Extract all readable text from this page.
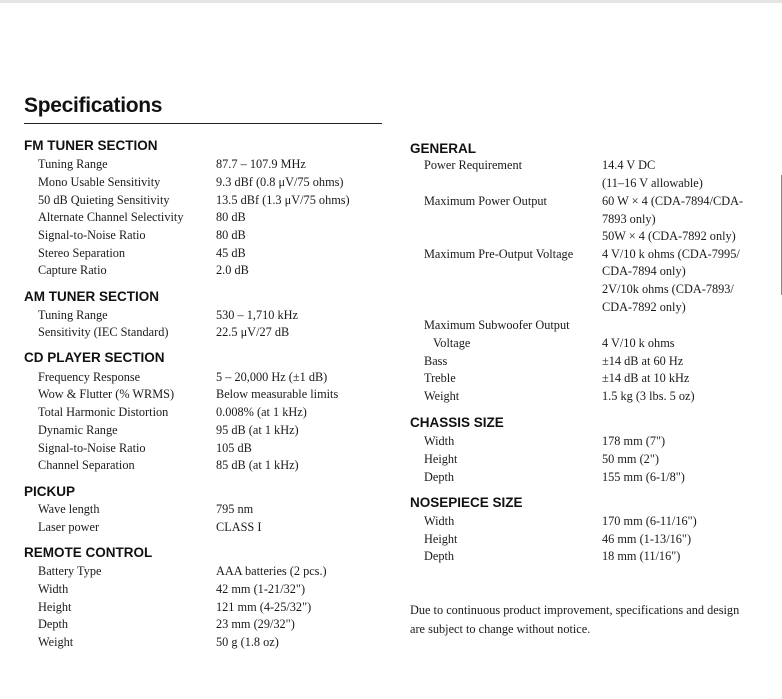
Specifications
FM TUNER SECTION
Tuning Range	87.7 – 107.9 MHz
Mono Usable Sensitivity	9.3 dBf (0.8 μV/75 ohms)
50 dB Quieting Sensitivity	13.5 dBf (1.3 μV/75 ohms)
Alternate Channel Selectivity	80 dB
Signal-to-Noise Ratio	80 dB
Stereo Separation	45 dB
Capture Ratio	2.0 dB
AM TUNER SECTION
Tuning Range	530 – 1,710 kHz
Sensitivity (IEC Standard)	22.5 μV/27 dB
CD PLAYER SECTION
Frequency Response	5 – 20,000 Hz (±1 dB)
Wow & Flutter (% WRMS)	Below measurable limits
Total Harmonic Distortion	0.008% (at 1 kHz)
Dynamic Range	95 dB (at 1 kHz)
Signal-to-Noise Ratio	105 dB
Channel Separation	85 dB (at 1 kHz)
PICKUP
Wave length	795 nm
Laser power	CLASS I
REMOTE CONTROL
Battery Type	AAA batteries (2 pcs.)
Width	42 mm (1-21/32")
Height	121 mm (4-25/32")
Depth	23 mm (29/32")
Weight	50 g (1.8 oz)
GENERAL
Power Requirement	14.4 V DC
(11–16 V allowable)
Maximum Power Output	60 W × 4 (CDA-7894/CDA-
7893 only)
50W × 4 (CDA-7892 only)
Maximum Pre-Output Voltage 4 V/10 k ohms (CDA-7995/
CDA-7894 only)
2V/10k ohms (CDA-7893/
CDA-7892 only)
Maximum Subwoofer Output
Voltage	4 V/10 k ohms
Bass	±14 dB at 60 Hz
Treble	±14 dB at 10 kHz
Weight	1.5 kg (3 lbs. 5 oz)
CHASSIS SIZE
Width	178 mm (7")
Height	50 mm (2")
Depth	155 mm (6-1/8")
NOSEPIECE SIZE
Width	170 mm (6-11/16")
Height	46 mm (1-13/16")
Depth	18 mm (11/16")
Due to continuous product improvement, specifications and design
are subject to change without notice.
